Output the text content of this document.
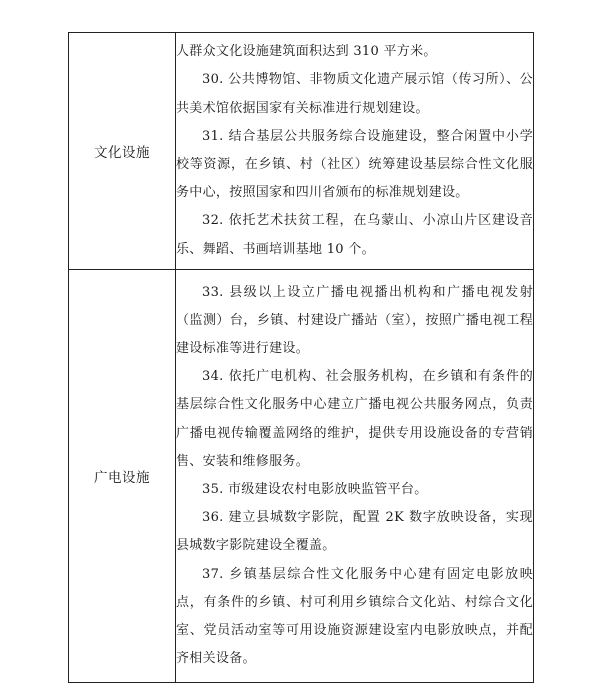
文化设施	人群众文化设施建筑面积达到 310 平方米。

30. 公共博物馆、非物质文化遗产展示馆（传习所）、公共美术馆依据国家有关标准进行规划建设。

31. 结合基层公共服务综合设施建设，整合闲置中小学校等资源，在乡镇、村（社区）统筹建设基层综合性文化服务中心，按照国家和四川省颁布的标准规划建设。

32. 依托艺术扶贫工程，在乌蒙山、小凉山片区建设音乐、舞蹈、书画培训基地 10 个。

广电设施	33. 县级以上设立广播电视播出机构和广播电视发射（监测）台，乡镇、村建设广播站（室），按照广播电视工程建设标准等进行建设。

34. 依托广电机构、社会服务机构，在乡镇和有条件的基层综合性文化服务中心建立广播电视公共服务网点，负责广播电视传输覆盖网络的维护，提供专用设施设备的专营销售、安装和维修服务。

35. 市级建设农村电影放映监管平台。

36. 建立县城数字影院，配置 2K 数字放映设备，实现县城数字影院建设全覆盖。

37. 乡镇基层综合性文化服务中心建有固定电影放映点，有条件的乡镇、村可利用乡镇综合文化站、村综合文化室、党员活动室等可用设施资源建设室内电影放映点，并配齐相关设备。
